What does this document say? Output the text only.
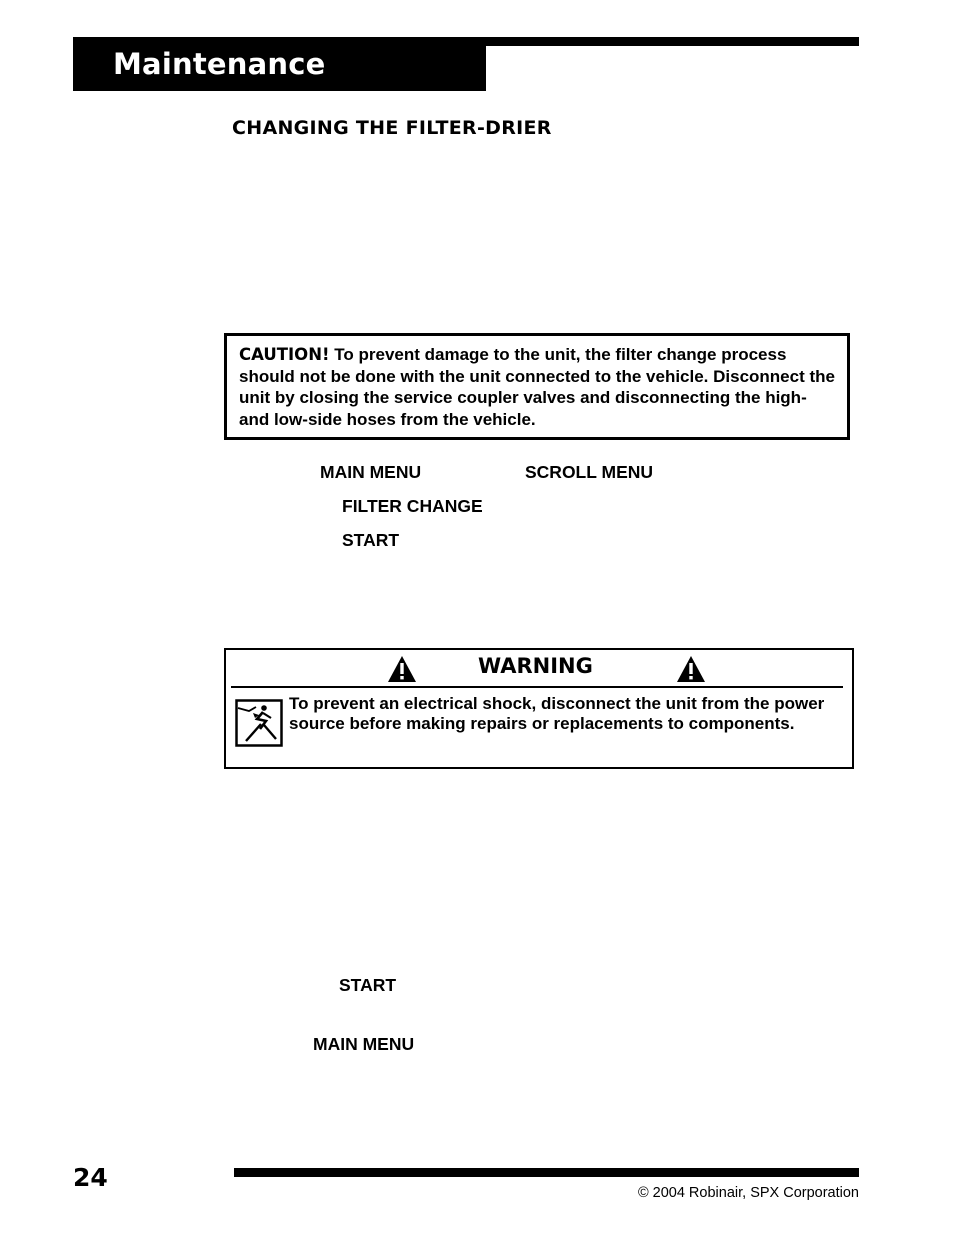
Maintenance
CHANGING THE FILTER-DRIER
CAUTION! To prevent damage to the unit, the filter change process should not be done with the unit connected to the vehicle. Disconnect the unit by closing the service coupler valves and disconnecting the high- and low-side hoses from the vehicle.
MAIN MENU	SCROLL MENU
FILTER CHANGE
START
WARNING
To prevent an electrical shock, disconnect the unit from the power source before making repairs or replacements to components.
START
MAIN MENU
24
© 2004 Robinair, SPX Corporation
